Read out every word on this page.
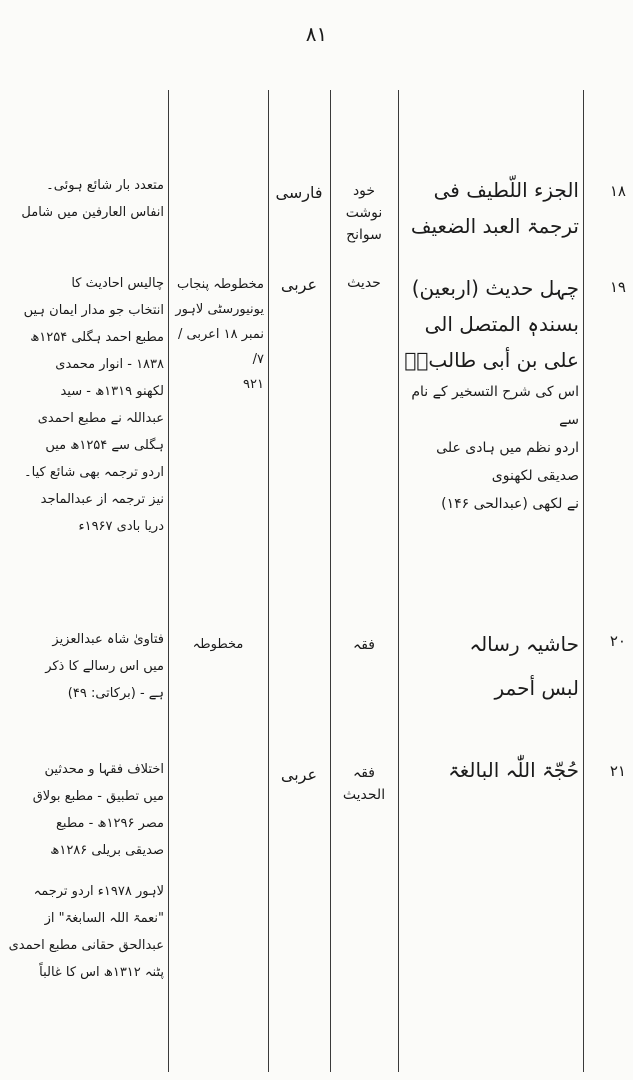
۸۱
۱۸
الجزء اللّطیف فی
ترجمۃ العبد الضعیف
خود نوشت
سوانح
فارسی
متعدد بار شائع ہوئی۔
انفاس العارفین میں شامل
۱۹
چہل حدیث (اربعین)
بسندہٖ المتصل الی
علی بن أبی طالبؓ۔
اس کی شرح التسخیر کے نام سے
اردو نظم میں ہادی علی صدیقی لکھنوی
نے لکھی (عبدالحی ۱۴۶)
حدیث
عربی
مخطوطہ پنجاب
یونیورسٹی لاہور
نمبر ۱۸ اعربی / ۷/
۹۲۱
چالیس احادیث کا
انتخاب جو مدار ایمان ہیں
مطبع احمد ہگلی ۱۲۵۴ھ
۱۸۳۸ - انوار محمدی
لکھنو ۱۳۱۹ھ - سید
عبداللہ نے مطبع احمدی
ہگلی سے ۱۲۵۴ھ میں
اردو ترجمہ بھی شائع کیا۔
نیز ترجمہ از عبدالماجد
دریا بادی ۱۹۶۷ء
۲۰
حاشیہ رسالہ
لبس أحمر
فقہ
مخطوطہ
فتاویٰ شاہ عبدالعزیز
میں اس رسالے کا ذکر
ہے - (برکاتی: ۴۹)
۲۱
حُجّۃ اللّٰہ البالغۃ
فقہ الحدیث
عربی
اختلاف فقہا و محدثین
میں تطبیق - مطبع بولاق
مصر ۱۲۹۶ھ - مطبع
صدیقی بریلی ۱۲۸۶ھ
لاہور ۱۹۷۸ء اردو ترجمہ
"نعمۃ اللہ السابغۃ" از
عبدالحق حقانی مطبع احمدی
پٹنہ ۱۳۱۲ھ اس کا غالباً
